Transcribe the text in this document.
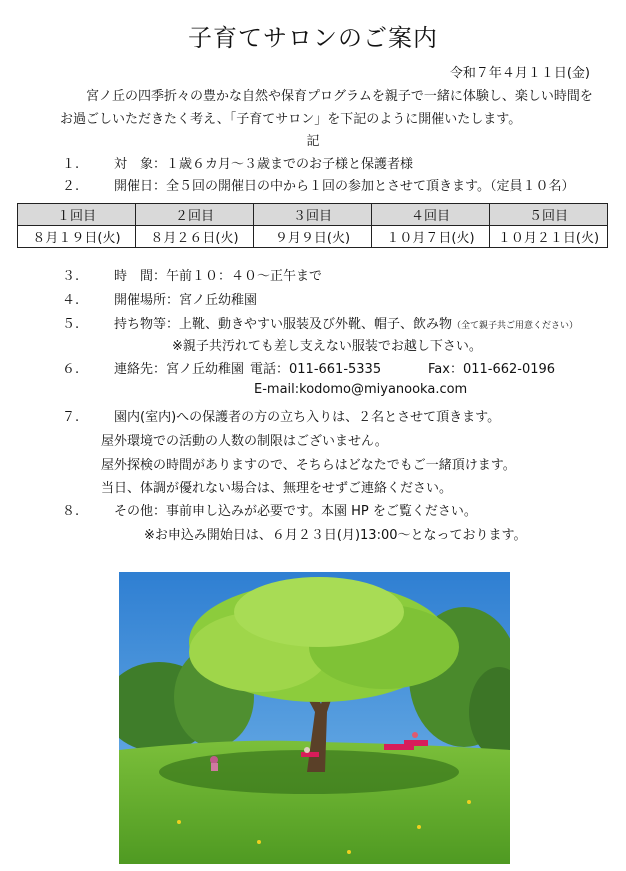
子育てサロンのご案内
令和７年４月１１日(金)
宮ノ丘の四季折々の豊かな自然や保育プログラムを親子で一緒に体験し、楽しい時間を
お過ごしいただきたく考え、「子育てサロン」を下記のように開催いたします。
記
１.	対　象：１歳６カ月～３歳までのお子様と保護者様
２.	開催日：全５回の開催日の中から１回の参加とさせて頂きます。（定員１０名）
１回目	２回目	３回目	４回目	５回目
８月１９日(火)	８月２６日(火)	９月９日(火)	１０月７日(火)	１０月２１日(火)
３.	時　間：午前１０：４０～正午まで
４.	開催場所：宮ノ丘幼稚園
５.	持ち物等：上靴、動きやすい服装及び外靴、帽子、飲み物（全て親子共ご用意ください）
※親子共汚れても差し支えない服装でお越し下さい。
６.	連絡先：宮ノ丘幼稚園 電話：011-661-5335	Fax：011-662-0196
E-mail:kodomo@miyanooka.com
７.	園内(室内)への保護者の方の立ち入りは、２名とさせて頂きます。
屋外環境での活動の人数の制限はございません。
屋外探検の時間がありますので、そちらはどなたでもご一緒頂けます。
当日、体調が優れない場合は、無理をせずご連絡ください。
８.	その他：事前申し込みが必要です。本園 HP をご覧ください。
※お申込み開始日は、６月２３日(月)13:00～となっております。
